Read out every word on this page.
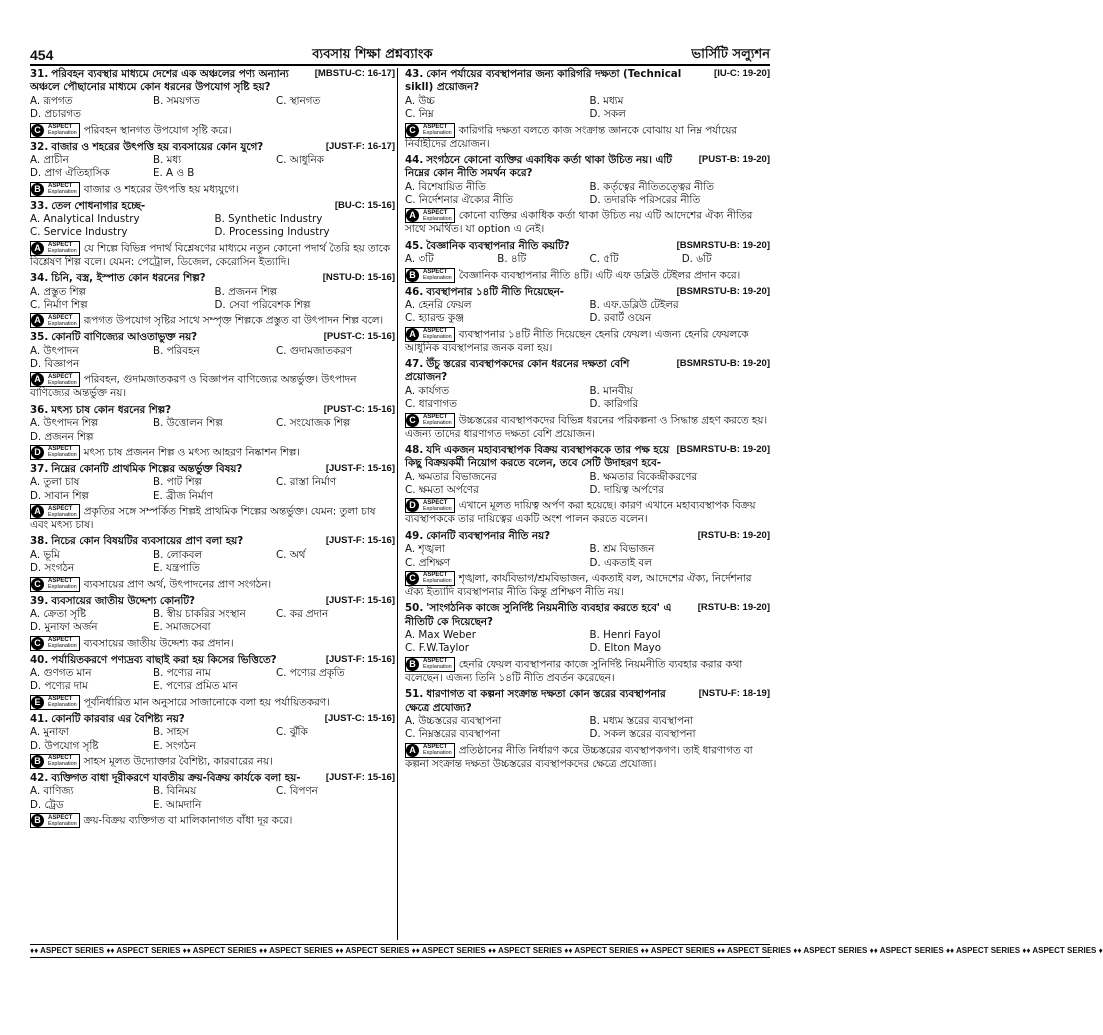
454	ব্যবসায় শিক্ষা প্রশ্নব্যাংক	ভার্সিটি সল্যুশন
[MBSTU-C: 16-17]
31. পরিবহন ব্যবস্থার মাধ্যমে দেশের এক অঞ্চলের পণ্য অন্যান্য অঞ্চলে পৌছানোর মাধ্যমে কোন ধরনের উপযোগ সৃষ্টি হয়?
A. রূপগত	B. সময়গত	C. স্থানগত
D. প্রচারগত
C	ASPECT
Explanation পরিবহন স্থানগত উপযোগ সৃষ্টি করে।
[JUST-F: 16-17]
32. বাজার ও শহরের উৎপত্তি হয় ব্যবসায়ের কোন যুগে?
A. প্রাচীন	B. মধ্য	C. আধুনিক
D. প্রাগ ঐতিহাসিক	E. A ও B
B	ASPECT
Explanation বাজার ও শহরের উৎপত্তি হয় মধ্যযুগে।
[BU-C: 15-16]
33. তেল শোধনাগার হচ্ছে-
A. Analytical Industry	B. Synthetic Industry
C. Service Industry	D. Processing Industry
A	ASPECT
Explanation যে শিল্পে বিভিন্ন পদার্থ বিশ্লেষণের মাধ্যমে নতুন কোনো পদার্থ তৈরি হয় তাকে বিশ্লেষণ শিল্প বলে। যেমন: পেট্রোল, ডিজেল, কেরোসিন ইত্যাদি।
[NSTU-D: 15-16]
34. চিনি, বস্ত্র, ইস্পাত কোন ধরনের শিল্প?
A. প্রস্তুত শিল্প	B. প্রজনন শিল্প
C. নির্মাণ শিল্প	D. সেবা পরিবেশক শিল্প
A	ASPECT
Explanation রূপগত উপযোগ সৃষ্টির সাথে সম্পৃক্ত শিল্পকে প্রস্তুত বা উৎপাদন শিল্প বলে।
[PUST-C: 15-16]
35. কোনটি বাণিজ্যের আওতাভুক্ত নয়?
A. উৎপাদন	B. পরিবহন	C. গুদামজাতকরণ
D. বিজ্ঞাপন
A	ASPECT
Explanation পরিবহন, গুদামজাতকরণ ও বিজ্ঞাপন বাণিজ্যের অন্তর্ভুক্ত। উৎপাদন বাণিজ্যের অন্তর্ভুক্ত নয়।
[PUST-C: 15-16]
36. মৎস্য চাষ কোন ধরনের শিল্প?
A. উৎপাদন শিল্প	B. উত্তোলন শিল্প	C. সংযোজক শিল্প
D. প্রজনন শিল্প
D	ASPECT
Explanation মৎস্য চাষ প্রজনন শিল্প ও মৎস্য আহরণ নিষ্কাশন শিল্প।
[JUST-F: 15-16]
37. নিম্নের কোনটি প্রাথমিক শিল্পের অন্তর্ভুক্ত বিষয়?
A. তুলা চাষ	B. পাট শিল্প	C. রাস্তা নির্মাণ
D. সাবান শিল্প	E. ব্রীজ নির্মাণ
A	ASPECT
Explanation প্রকৃতির সঙ্গে সম্পর্কিত শিল্পই প্রাথমিক শিল্পের অন্তর্ভুক্ত। যেমন: তুলা চাষ এবং মৎস্য চাষ।
[JUST-F: 15-16]
38. নিচের কোন বিষয়টির ব্যবসায়ের প্রাণ বলা হয়?
A. ভূমি	B. লোকবল	C. অর্থ
D. সংগঠন	E. যন্ত্রপাতি
C	ASPECT
Explanation ব্যবসায়ের প্রাণ অর্থ, উৎপাদনের প্রাণ সংগঠন।
[JUST-F: 15-16]
39. ব্যবসায়ের জাতীয় উদ্দেশ্য কোনটি?
A. ক্রেতা সৃষ্টি	B. স্বীয় চাকরির সংস্থান	C. কর প্রদান
D. মুনাফা অর্জন	E. সমাজসেবা
C	ASPECT
Explanation ব্যবসায়ের জাতীয় উদ্দেশ্য কর প্রদান।
[JUST-F: 15-16]
40. পর্যায়িতকরণে পণ্যদ্রব্য বাছাই করা হয় কিসের ভিত্তিতে?
A. গুণগত মান	B. পণ্যের নাম	C. পণ্যের প্রকৃতি
D. পণ্যের দাম	E. পণ্যের প্রমিত মান
E	ASPECT
Explanation পূর্বনির্ধারিত মান অনুসারে সাজানোকে বলা হয় পর্যায়িতকরণ।
[JUST-C: 15-16]
41. কোনটি কারবার এর বৈশিষ্ট্য নয়?
A. মুনাফা	B. সাহস	C. ঝুঁকি
D. উপযোগ সৃষ্টি	E. সংগঠন
B	ASPECT
Explanation সাহস মূলত উদ্যোক্তার বৈশিষ্ট্য, কারবারের নয়।
[JUST-F: 15-16]
42. ব্যক্তিগত বাধা দূরীকরণে যাবতীয় ক্রয়-বিক্রয় কার্যকে বলা হয়-
A. বাণিজ্য	B. বিনিময়	C. বিপণন
D. ট্রেড	E. আমদানি
B	ASPECT
Explanation ক্রয়-বিক্রয় ব্যক্তিগত বা মালিকানাগত বাঁধা দূর করে।
[IU-C: 19-20]
43. কোন পর্যায়ের ব্যবস্থাপনার জন্য কারিগরি দক্ষতা (Technical sikll) প্রয়োজন?
A. উচ্চ	B. মধ্যম
C. নিম্ন	D. সকল
C	ASPECT
Explanation কারিগরি দক্ষতা বলতে কাজ সংক্রান্ত জ্ঞানকে বোঝায় যা নিম্ন পর্যায়ের নির্বাহীদের প্রয়োজন।
[PUST-B: 19-20]
44. সংগঠনে কোনো ব্যক্তির একাধিক কর্তা থাকা উচিত নয়। এটি নিম্নের কোন নীতি সমর্থন করে?
A. বিশেষায়িত নীতি	B. কর্তৃত্বের নীতিতত্ত্বের নীতি
C. নির্দেশনার ঐক্যের নীতি	D. তদারকি পরিসরের নীতি
A	ASPECT
Explanation কোনো ব্যক্তির একাধিক কর্তা থাকা উচিত নয় এটি আদেশের ঐক্য নীতির সাথে সমর্থিত। যা option এ নেই।
[BSMRSTU-B: 19-20]
45. বৈজ্ঞানিক ব্যবস্থাপনার নীতি কয়টি?
A. ৩টি	B. ৪টি	C. ৫টি	D. ৬টি
B	ASPECT
Explanation বৈজ্ঞানিক ব্যবস্থাপনার নীতি ৪টি। এটি এফ ডব্লিউ টেইলর প্রদান করে।
[BSMRSTU-B: 19-20]
46. ব্যবস্থাপনার ১৪টি নীতি দিয়েছেন-
A. হেনরি ফেয়ল	B. এফ.ডব্লিউ টেইলর
C. হ্যারল্ড কুঞ্জ	D. রবার্ট ওয়েন
A	ASPECT
Explanation ব্যবস্থাপনার ১৪টি নীতি দিয়েছেন হেনরি ফেয়ল। এজন্য হেনরি ফেয়লকে আধুনিক ব্যবস্থাপনার জনক বলা হয়।
[BSMRSTU-B: 19-20]
47. উঁচু স্তরের ব্যবস্থাপকদের কোন ধরনের দক্ষতা বেশি প্রয়োজন?
A. কার্যগত	B. মানবীয়
C. ধারণাগত	D. কারিগরি
C	ASPECT
Explanation উচ্চস্তরের ব্যবস্থাপকদের বিভিন্ন ধরনের পরিকল্পনা ও সিদ্ধান্ত গ্রহণ করতে হয়। এজন্য তাদের ধারণাগত দক্ষতা বেশি প্রয়োজন।
[BSMRSTU-B: 19-20]
48. যদি একজন মহাব্যবস্থাপক বিক্রয় ব্যবস্থাপককে তার পক্ষ হয়ে কিছু বিক্রয়কর্মী নিয়োগ করতে বলেন, তবে সেটি উদাহরণ হবে-
A. ক্ষমতার বিভাজনের	B. ক্ষমতার বিকেন্দ্রীকরণের
C. ক্ষমতা অর্পণের	D. দায়িত্ব অর্পণের
D	ASPECT
Explanation এখানে মূলত দায়িত্ব অর্পণ করা হয়েছে। কারণ এখানে মহাব্যবস্থাপক বিক্রয় ব্যবস্থাপককে তার দায়িত্বের একটি অংশ পালন করতে বলেন।
[RSTU-B: 19-20]
49. কোনটি ব্যবস্থাপনার নীতি নয়?
A. শৃঙ্খলা	B. শ্রম বিভাজন
C. প্রশিক্ষণ	D. একতাই বল
C	ASPECT
Explanation শৃঙ্খলা, কার্যবিভাগ/শ্রমবিভাজন, একতাই বল, আদেশের ঐক্য, নির্দেশনার ঐক্য ইত্যাদি ব্যবস্থাপনার নীতি কিন্তু প্রশিক্ষণ নীতি নয়।
[RSTU-B: 19-20]
50. 'সাংগঠনিক কাজে সুনির্দিষ্ট নিয়মনীতি ব্যবহার করতে হবে' এ নীতিটি কে দিয়েছেন?
A. Max Weber	B. Henri Fayol
C. F.W.Taylor	D. Elton Mayo
B	ASPECT
Explanation হেনরি ফেয়ল ব্যবস্থাপনার কাজে সুনির্দিষ্ট নিয়মনীতি ব্যবহার করার কথা বলেছেন। এজন্য তিনি ১৪টি নীতি প্রবর্তন করেছেন।
[NSTU-F: 18-19]
51. ধারণাগত বা কল্পনা সংক্রান্ত দক্ষতা কোন স্তরের ব্যবস্থাপনার ক্ষেত্রে প্রযোজ্য?
A. উচ্চস্তরের ব্যবস্থাপনা	B. মধ্যম স্তরের ব্যবস্থাপনা
C. নিম্নস্তরের ব্যবস্থাপনা	D. সকল স্তরের ব্যবস্থাপনা
A	ASPECT
Explanation প্রতিষ্ঠানের নীতি নির্ধারণ করে উচ্চস্তরের ব্যবস্থাপকগণ। তাই ধারণাগত বা কল্পনা সংক্রান্ত দক্ষতা উচ্চস্তরের ব্যবস্থাপকদের ক্ষেত্রে প্রযোজ্য।
♦♦ ASPECT SERIES ♦♦ ASPECT SERIES ♦♦ ASPECT SERIES ♦♦ ASPECT SERIES ♦♦ ASPECT SERIES ♦♦ ASPECT SERIES ♦♦ ASPECT SERIES ♦♦ ASPECT SERIES ♦♦ ASPECT SERIES ♦♦ ASPECT SERIES ♦♦ ASPECT SERIES ♦♦ ASPECT SERIES ♦♦ ASPECT SERIES ♦♦ ASPECT SERIES ♦
